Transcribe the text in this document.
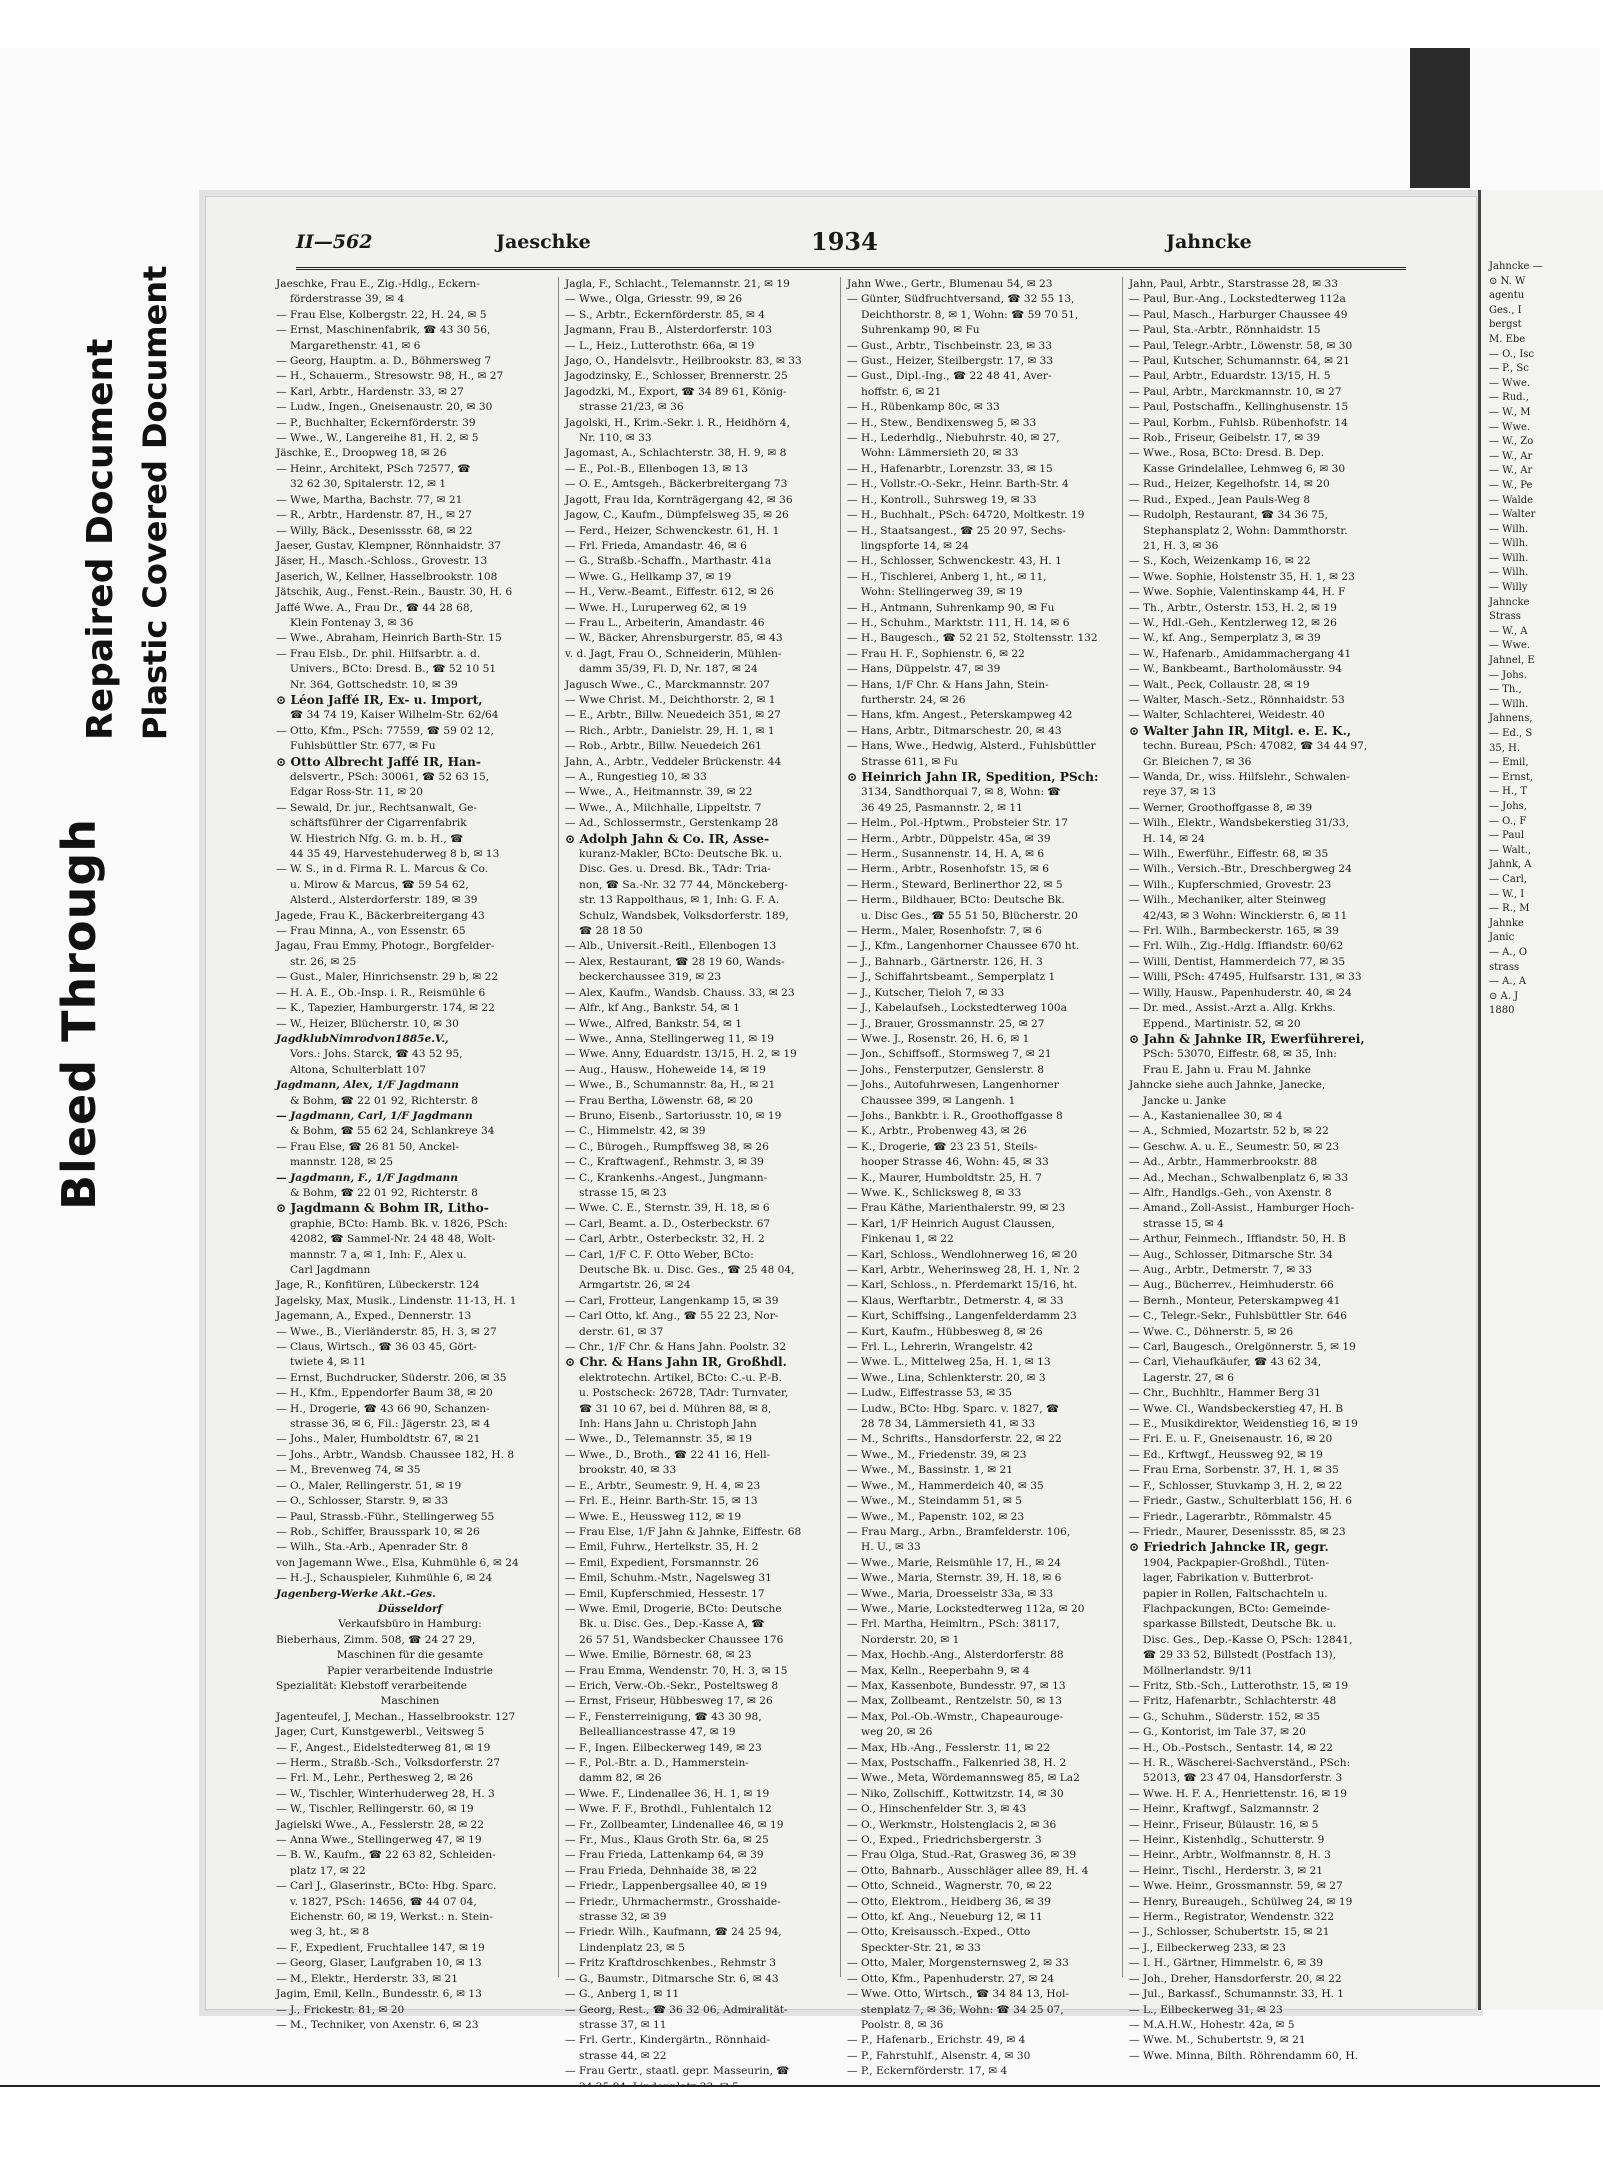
Bleed Through
Repaired Document Plastic Covered Document
II—562	Jaeschke	1934	Jahncke
Jaeschke, Frau E., Zig.-Hdlg., Eckern-
förderstrasse 39, ✉ 4
— Frau Else, Kolbergstr. 22, H. 24, ✉ 5
— Ernst, Maschinenfabrik, ☎ 43 30 56,
Margarethenstr. 41, ✉ 6
— Georg, Hauptm. a. D., Böhmersweg 7
— H., Schauerm., Stresowstr. 98, H., ✉ 27
— Karl, Arbtr., Hardenstr. 33, ✉ 27
— Ludw., Ingen., Gneisenaustr. 20, ✉ 30
— P., Buchhalter, Eckernförderstr. 39
— Wwe., W., Langereihe 81, H. 2, ✉ 5
Jäschke, E., Droopweg 18, ✉ 26
— Heinr., Architekt, PSch 72577, ☎
32 62 30, Spitalerstr. 12, ✉ 1
— Wwe, Martha, Bachstr. 77, ✉ 21
— R., Arbtr., Hardenstr. 87, H., ✉ 27
— Willy, Bäck., Desenissstr. 68, ✉ 22
Jaeser, Gustav, Klempner, Rönnhaidstr. 37
Jäser, H., Masch.-Schloss., Grovestr. 13
Jaserich, W., Kellner, Hasselbrookstr. 108
Jätschik, Aug., Fenst.-Rein., Baustr. 30, H. 6
Jaffé Wwe. A., Frau Dr., ☎ 44 28 68,
Klein Fontenay 3, ✉ 36
— Wwe., Abraham, Heinrich Barth-Str. 15
— Frau Elsb., Dr. phil. Hilfsarbtr. a. d.
Univers., BCto: Dresd. B., ☎ 52 10 51
Nr. 364, Gottschedstr. 10, ✉ 39
⊙ Léon Jaffé IR, Ex- u. Import,
☎ 34 74 19, Kaiser Wilhelm-Str. 62/64
— Otto, Kfm., PSch: 77559, ☎ 59 02 12,
Fuhlsbüttler Str. 677, ✉ Fu
⊙ Otto Albrecht Jaffé IR, Han-
delsvertr., PSch: 30061, ☎ 52 63 15,
Edgar Ross-Str. 11, ✉ 20
— Sewald, Dr. jur., Rechtsanwalt, Ge-
schäftsführer der Cigarrenfabrik
W. Hiestrich Nfg. G. m. b. H., ☎
44 35 49, Harvestehuderweg 8 b, ✉ 13
— W. S., in d. Firma R. L. Marcus & Co.
u. Mirow & Marcus, ☎ 59 54 62,
Alsterd., Alsterdorferstr. 189, ✉ 39
Jagede, Frau K., Bäckerbreitergang 43
— Frau Minna, A., von Essenstr. 65
Jagau, Frau Emmy, Photogr., Borgfelder-
str. 26, ✉ 25
— Gust., Maler, Hinrichsenstr. 29 b, ✉ 22
— H. A. E., Ob.-Insp. i. R., Reismühle 6
— K., Tapezier, Hamburgerstr. 174, ✉ 22
— W., Heizer, Blücherstr. 10, ✉ 30
JagdklubNimrodvon1885e.V.,
Vors.: Johs. Starck, ☎ 43 52 95,
Altona, Schulterblatt 107
Jagdmann, Alex, 1/F Jagdmann
& Bohm, ☎ 22 01 92, Richterstr. 8
— Jagdmann, Carl, 1/F Jagdmann
& Bohm, ☎ 55 62 24, Schlankreye 34
— Frau Else, ☎ 26 81 50, Anckel-
mannstr. 128, ✉ 25
— Jagdmann, F., 1/F Jagdmann
& Bohm, ☎ 22 01 92, Richterstr. 8
⊙ Jagdmann & Bohm IR, Litho-
graphie, BCto: Hamb. Bk. v. 1826, PSch:
42082, ☎ Sammel-Nr. 24 48 48, Wolt-
mannstr. 7 a, ✉ 1, Inh: F., Alex u.
Carl Jagdmann
Jage, R., Konfitüren, Lübeckerstr. 124
Jagelsky, Max, Musik., Lindenstr. 11-13, H. 1
Jagemann, A., Exped., Dennerstr. 13
— Wwe., B., Vierländerstr. 85, H. 3, ✉ 27
— Claus, Wirtsch., ☎ 36 03 45, Gört-
twiete 4, ✉ 11
— Ernst, Buchdrucker, Süderstr. 206, ✉ 35
— H., Kfm., Eppendorfer Baum 38, ✉ 20
— H., Drogerie, ☎ 43 66 90, Schanzen-
strasse 36, ✉ 6, Fil.: Jägerstr. 23, ✉ 4
— Johs., Maler, Humboldtstr. 67, ✉ 21
— Johs., Arbtr., Wandsb. Chaussee 182, H. 8
— M., Brevenweg 74, ✉ 35
— O., Maler, Rellingerstr. 51, ✉ 19
— O., Schlosser, Starstr. 9, ✉ 33
— Paul, Strassb.-Führ., Stellingerweg 55
— Rob., Schiffer, Brausspark 10, ✉ 26
— Wilh., Sta.-Arb., Apenrader Str. 8
von Jagemann Wwe., Elsa, Kuhmühle 6, ✉ 24
— H.-J., Schauspieler, Kuhmühle 6, ✉ 24
Jagenberg-Werke Akt.-Ges.
Düsseldorf
Verkaufsbüro in Hamburg:
Bieberhaus, Zimm. 508, ☎ 24 27 29,
Maschinen für die gesamte
Papier verarbeitende Industrie
Spezialität: Klebstoff verarbeitende
Maschinen
Jagenteufel, J, Mechan., Hasselbrookstr. 127
Jager, Curt, Kunstgewerbl., Veitsweg 5
— F., Angest., Eidelstedterweg 81, ✉ 19
— Herm., Straßb.-Sch., Volksdorferstr. 27
— Frl. M., Lehr., Perthesweg 2, ✉ 26
— W., Tischler, Winterhuderweg 28, H. 3
— W., Tischler, Rellingerstr. 60, ✉ 19
Jagielski Wwe., A., Fesslerstr. 28, ✉ 22
— Anna Wwe., Stellingerweg 47, ✉ 19
— B. W., Kaufm., ☎ 22 63 82, Schleiden-
platz 17, ✉ 22
— Carl J., Glaserinstr., BCto: Hbg. Sparc.
v. 1827, PSch: 14656, ☎ 44 07 04,
Eichenstr. 60, ✉ 19, Werkst.: n. Stein-
weg 3, ht., ✉ 8
— F., Expedient, Fruchtallee 147, ✉ 19
— Georg, Glaser, Laufgraben 10, ✉ 13
— M., Elektr., Herderstr. 33, ✉ 21
Jagim, Emil, Kelln., Bundesstr. 6, ✉ 13
— J., Frickestr. 81, ✉ 20
— M., Techniker, von Axenstr. 6, ✉ 23
Jagla, F., Schlacht., Telemannstr. 21, ✉ 19
— Wwe., Olga, Griesstr. 99, ✉ 26
— S., Arbtr., Eckernförderstr. 85, ✉ 4
Jagmann, Frau B., Alsterdorferstr. 103
— L., Heiz., Lutterothstr. 66a, ✉ 19
Jago, O., Handelsvtr., Heilbrookstr. 83, ✉ 33
Jagodzinsky, E., Schlosser, Brennerstr. 25
Jagodzki, M., Export, ☎ 34 89 61, König-
strasse 21/23, ✉ 36
Jagolski, H., Krim.-Sekr. i. R., Heidhörn 4,
Nr. 110, ✉ 33
Jagomast, A., Schlachterstr. 38, H. 9, ✉ 8
— E., Pol.-B., Ellenbogen 13, ✉ 13
— O. E., Amtsgeh., Bäckerbreitergang 73
Jagott, Frau Ida, Kornträgergang 42, ✉ 36
Jagow, C., Kaufm., Dümpfelsweg 35, ✉ 26
— Ferd., Heizer, Schwenckestr. 61, H. 1
— Frl. Frieda, Amandastr. 46, ✉ 6
— G., Straßb.-Schaffn., Marthastr. 41a
— Wwe. G., Hellkamp 37, ✉ 19
— H., Verw.-Beamt., Eiffestr. 612, ✉ 26
— Wwe. H., Luruperweg 62, ✉ 19
— Frau L., Arbeiterin, Amandastr. 46
— W., Bäcker, Ahrensburgerstr. 85, ✉ 43
v. d. Jagt, Frau O., Schneiderin, Mühlen-
damm 35/39, Fl. D, Nr. 187, ✉ 24
Jagusch Wwe., C., Marckmannstr. 207
— Wwe Christ. M., Deichthorstr. 2, ✉ 1
— E., Arbtr., Billw. Neuedeich 351, ✉ 27
— Rich., Arbtr., Danielstr. 29, H. 1, ✉ 1
— Rob., Arbtr., Billw. Neuedeich 261
Jahn, A., Arbtr., Veddeler Brückenstr. 44
— A., Rungestieg 10, ✉ 33
— Wwe., A., Heitmannstr. 39, ✉ 22
— Wwe., A., Milchhalle, Lippeltstr. 7
— Ad., Schlossermstr., Gerstenkamp 28
⊙ Adolph Jahn & Co. IR, Asse-
kuranz-Makler, BCto: Deutsche Bk. u.
Disc. Ges. u. Dresd. Bk., TAdr: Tria-
non, ☎ Sa.-Nr. 32 77 44, Mönckeberg-
str. 13 Rappolthaus, ✉ 1, Inh: G. F. A.
Schulz, Wandsbek, Volksdorferstr. 189,
☎ 28 18 50
— Alb., Universit.-Reitl., Ellenbogen 13
— Alex, Restaurant, ☎ 28 19 60, Wands-
beckerchaussee 319, ✉ 23
— Alex, Kaufm., Wandsb. Chauss. 33, ✉ 23
— Alfr., kf Ang., Bankstr. 54, ✉ 1
— Wwe., Alfred, Bankstr. 54, ✉ 1
— Wwe., Anna, Stellingerweg 11, ✉ 19
— Wwe. Anny, Eduardstr. 13/15, H. 2, ✉ 19
— Aug., Hausw., Hoheweide 14, ✉ 19
— Wwe., B., Schumannstr. 8a, H., ✉ 21
— Frau Bertha, Löwenstr. 68, ✉ 20
— Bruno, Eisenb., Sartoriusstr. 10, ✉ 19
— C., Himmelstr. 42, ✉ 39
— C., Bürogeh., Rumpffsweg 38, ✉ 26
— C., Kraftwagenf., Rehmstr. 3, ✉ 39
— C., Krankenhs.-Angest., Jungmann-
strasse 15, ✉ 23
— Wwe. C. E., Sternstr. 39, H. 18, ✉ 6
— Carl, Beamt. a. D., Osterbeckstr. 67
— Carl, Arbtr., Osterbeckstr. 32, H. 2
— Carl, 1/F C. F. Otto Weber, BCto:
Deutsche Bk. u. Disc. Ges., ☎ 25 48 04,
Armgartstr. 26, ✉ 24
— Carl, Frotteur, Langenkamp 15, ✉ 39
— Carl Otto, kf. Ang., ☎ 55 22 23, Nor-
derstr. 61, ✉ 37
— Chr., 1/F Chr. & Hans Jahn. Poolstr. 32
⊙ Chr. & Hans Jahn IR, Großhdl.
elektrotechn. Artikel, BCto: C.-u. P.-B.
u. Postscheck: 26728, TAdr: Turnvater,
☎ 31 10 67, bei d. Mühren 88, ✉ 8,
Inh: Hans Jahn u. Christoph Jahn
— Wwe., D., Telemannstr. 35, ✉ 19
— Wwe., D., Broth., ☎ 22 41 16, Hell-
brookstr. 40, ✉ 33
— E., Arbtr., Seumestr. 9, H. 4, ✉ 23
— Frl. E., Heinr. Barth-Str. 15, ✉ 13
— Wwe. E., Heussweg 112, ✉ 19
— Frau Else, 1/F Jahn & Jahnke, Eiffestr. 68
— Emil, Fuhrw., Hertelkstr. 35, H. 2
— Emil, Expedient, Forsmannstr. 26
— Emil, Schuhm.-Mstr., Nagelsweg 31
— Emil, Kupferschmied, Hessestr. 17
— Wwe. Emil, Drogerie, BCto: Deutsche
Bk. u. Disc. Ges., Dep.-Kasse A, ☎
26 57 51, Wandsbecker Chaussee 176
— Wwe. Emilie, Börnestr. 68, ✉ 23
— Frau Emma, Wendenstr. 70, H. 3, ✉ 15
— Erich, Verw.-Ob.-Sekr., Posteltsweg 8
— Ernst, Friseur, Hübbesweg 17, ✉ 26
— F., Fensterreinigung, ☎ 43 30 98,
Bellealliancestrasse 47, ✉ 19
— F., Ingen. Eilbeckerweg 149, ✉ 23
— F., Pol.-Btr. a. D., Hammerstein-
damm 82, ✉ 26
— Wwe. F., Lindenallee 36, H. 1, ✉ 19
— Wwe. F. F., Brothdl., Fuhlentalch 12
— Fr., Zollbeamter, Lindenallee 46, ✉ 19
— Fr., Mus., Klaus Groth Str. 6a, ✉ 25
— Frau Frieda, Lattenkamp 64, ✉ 39
— Frau Frieda, Dehnhaide 38, ✉ 22
— Friedr., Lappenbergsallee 40, ✉ 19
— Friedr., Uhrmachermstr., Grosshaide-
strasse 32, ✉ 39
— Friedr. Wilh., Kaufmann, ☎ 24 25 94,
Lindenplatz 23, ✉ 5
— Fritz Kraftdroschkenbes., Rehmstr 3
— G., Baumstr., Ditmarsche Str. 6, ✉ 43
— G., Anberg 1, ✉ 11
— Georg, Rest., ☎ 36 32 06, Admiralität-
strasse 37, ✉ 11
— Frl. Gertr., Kindergärtn., Rönnhaid-
strasse 44, ✉ 22
— Frau Gertr., staatl. gepr. Masseurin, ☎
Jahn Wwe., Gertr., Blumenau 54, ✉ 23
— Günter, Südfruchtversand, ☎ 32 55 13,
Deichthorstr. 8, ✉ 1, Wohn: ☎ 59 70 51,
Suhrenkamp 90, ✉ Fu
— Gust., Arbtr., Tischbeinstr. 23, ✉ 33
— Gust., Heizer, Steilbergstr. 17, ✉ 33
— Gust., Dipl.-Ing., ☎ 22 48 41, Aver-
hoffstr. 6, ✉ 21
— H., Rübenkamp 80c, ✉ 33
— H., Stew., Bendixensweg 5, ✉ 33
— H., Lederhdlg., Niebuhrstr. 40, ✉ 27,
Wohn: Lämmersieth 20, ✉ 33
— H., Hafenarbtr., Lorenzstr. 33, ✉ 15
— H., Vollstr.-O.-Sekr., Heinr. Barth-Str. 4
— H., Kontroll., Suhrsweg 19, ✉ 33
— H., Buchhalt., PSch: 64720, Moltkestr. 19
— H., Staatsangest., ☎ 25 20 97, Sechs-
lingspforte 14, ✉ 24
— H., Schlosser, Schwenckestr. 43, H. 1
— H., Tischlerei, Anberg 1, ht., ✉ 11,
Wohn: Stellingerweg 39, ✉ 19
— H., Antmann, Suhrenkamp 90, ✉ Fu
— H., Schuhm., Marktstr. 111, H. 14, ✉ 6
— H., Baugesch., ☎ 52 21 52, Stoltensstr. 132
— Frau H. F., Sophienstr. 6, ✉ 22
— Hans, Düppelstr. 47, ✉ 39
— Hans, 1/F Chr. & Hans Jahn, Stein-
furtherstr. 24, ✉ 26
— Hans, kfm. Angest., Peterskampweg 42
— Hans, Arbtr., Ditmarschestr. 20, ✉ 43
— Hans, Wwe., Hedwig, Alsterd., Fuhlsbüttler
Strasse 611, ✉ Fu
⊙ Heinrich Jahn IR, Spedition, PSch:
3134, Sandthorquai 7, ✉ 8, Wohn: ☎
36 49 25, Pasmannstr. 2, ✉ 11
— Helm., Pol.-Hptwm., Probsteier Str. 17
— Herm., Arbtr., Düppelstr. 45a, ✉ 39
— Herm., Susannenstr. 14, H. A, ✉ 6
— Herm., Arbtr., Rosenhofstr. 15, ✉ 6
— Herm., Steward, Berlinerthor 22, ✉ 5
— Herm., Bildhauer, BCto: Deutsche Bk.
u. Disc Ges., ☎ 55 51 50, Blücherstr. 20
— Herm., Maler, Rosenhofstr. 7, ✉ 6
— J., Kfm., Langenhorner Chaussee 670 ht.
— J., Bahnarb., Gärtnerstr. 126, H. 3
— J., Schiffahrtsbeamt., Semperplatz 1
— J., Kutscher, Tieloh 7, ✉ 33
— J., Kabelaufseh., Lockstedterweg 100a
— J., Brauer, Grossmannstr. 25, ✉ 27
— Wwe. J., Rosenstr. 26, H. 6, ✉ 1
— Jon., Schiffsoff., Stormsweg 7, ✉ 21
— Johs., Fensterputzer, Genslerstr. 8
— Johs., Autofuhrwesen, Langenhorner
Chaussee 399, ✉ Langenh. 1
— Johs., Bankbtr. i. R., Groothoffgasse 8
— K., Arbtr., Probenweg 43, ✉ 26
— K., Drogerie, ☎ 23 23 51, Steils-
hooper Strasse 46, Wohn: 45, ✉ 33
— K., Maurer, Humboldtstr. 25, H. 7
— Wwe. K., Schlicksweg 8, ✉ 33
— Frau Käthe, Marienthalerstr. 99, ✉ 23
— Karl, 1/F Heinrich August Claussen,
Finkenau 1, ✉ 22
— Karl, Schloss., Wendlohnerweg 16, ✉ 20
— Karl, Arbtr., Weherinsweg 28, H. 1, Nr. 2
— Karl, Schloss., n. Pferdemarkt 15/16, ht.
— Klaus, Werftarbtr., Detmerstr. 4, ✉ 33
— Kurt, Schiffsing., Langenfelderdamm 23
— Kurt, Kaufm., Hübbesweg 8, ✉ 26
— Frl. L., Lehrerin, Wrangelstr. 42
— Wwe. L., Mittelweg 25a, H. 1, ✉ 13
— Wwe., Lina, Schlenkterstr. 20, ✉ 3
— Ludw., Eiffestrasse 53, ✉ 35
— Ludw., BCto: Hbg. Sparc. v. 1827, ☎
28 78 34, Lämmersieth 41, ✉ 33
— M., Schrifts., Hansdorferstr. 22, ✉ 22
— Wwe., M., Friedenstr. 39, ✉ 23
— Wwe., M., Bassinstr. 1, ✉ 21
— Wwe., M., Hammerdeich 40, ✉ 35
— Wwe., M., Steindamm 51, ✉ 5
— Wwe., M., Papenstr. 102, ✉ 23
— Frau Marg., Arbn., Bramfelderstr. 106,
H. U., ✉ 33
— Wwe., Marie, Reismühle 17, H., ✉ 24
— Wwe., Maria, Sternstr. 39, H. 18, ✉ 6
— Wwe., Maria, Droesselstr 33a, ✉ 33
— Wwe., Marie, Lockstedterweg 112a, ✉ 20
— Frl. Martha, Heimltrn., PSch: 38117,
Norderstr. 20, ✉ 1
— Max, Hochb.-Ang., Alsterdorferstr. 88
— Max, Kelln., Reeperbahn 9, ✉ 4
— Max, Kassenbote, Bundesstr. 97, ✉ 13
— Max, Zollbeamt., Rentzelstr. 50, ✉ 13
— Max, Pol.-Ob.-Wmstr., Chapeaurouge-
weg 20, ✉ 26
— Max, Hb.-Ang., Fesslerstr. 11, ✉ 22
— Max, Postschaffn., Falkenried 38, H. 2
— Wwe., Meta, Wördemannsweg 85, ✉ La2
— Niko, Zollschiff., Kottwitzstr. 14, ✉ 30
— O., Hinschenfelder Str. 3, ✉ 43
— O., Werkmstr., Holstenglacis 2, ✉ 36
— O., Exped., Friedrichsbergerstr. 3
— Frau Olga, Stud.-Rat, Grasweg 36, ✉ 39
— Otto, Bahnarb., Ausschläger allee 89, H. 4
— Otto, Schneid., Wagnerstr. 70, ✉ 22
— Otto, Elektrom., Heidberg 36, ✉ 39
— Otto, kf. Ang., Neueburg 12, ✉ 11
— Otto, Kreisaussch.-Exped., Otto
Speckter-Str. 21, ✉ 33
— Otto, Maler, Morgensternsweg 2, ✉ 33
— Otto, Kfm., Papenhuderstr. 27, ✉ 24
— Wwe. Otto, Wirtsch., ☎ 34 84 13, Hol-
stenplatz 7, ✉ 36, Wohn: ☎ 34 25 07,
Poolstr. 8, ✉ 36
— P., Hafenarb., Erichstr. 49, ✉ 4
— P., Fahrstuhlf., Alsenstr. 4, ✉ 30
— P., Eckernförderstr. 17, ✉ 4
Jahn, Paul, Arbtr., Starstrasse 28, ✉ 33
— Paul, Bur.-Ang., Lockstedterweg 112a
— Paul, Masch., Harburger Chaussee 49
— Paul, Sta.-Arbtr., Rönnhaidstr. 15
— Paul, Telegr.-Arbtr., Löwenstr. 58, ✉ 30
— Paul, Kutscher, Schumannstr. 64, ✉ 21
— Paul, Arbtr., Eduardstr. 13/15, H. 5
— Paul, Arbtr., Marckmannstr. 10, ✉ 27
— Paul, Postschaffn., Kellinghusenstr. 15
— Paul, Korbm., Fuhlsb. Rübenhofstr. 14
— Rob., Friseur, Geibelstr. 17, ✉ 39
— Wwe., Rosa, BCto: Dresd. B. Dep.
Kasse Grindelallee, Lehmweg 6, ✉ 30
— Rud., Heizer, Kegelhofstr. 14, ✉ 20
— Rud., Exped., Jean Pauls-Weg 8
— Rudolph, Restaurant, ☎ 34 36 75,
Stephansplatz 2, Wohn: Dammthorstr.
21, H. 3, ✉ 36
— S., Koch, Weizenkamp 16, ✉ 22
— Wwe. Sophie, Holstenstr 35, H. 1, ✉ 23
— Wwe. Sophie, Valentinskamp 44, H. F
— Th., Arbtr., Osterstr. 153, H. 2, ✉ 19
— W., Hdl.-Geh., Kentzlerweg 12, ✉ 26
— W., kf. Ang., Semperplatz 3, ✉ 39
— W., Hafenarb., Amidammachergang 41
— W., Bankbeamt., Bartholomäusstr. 94
— Walt., Peck, Collaustr. 28, ✉ 19
— Walter, Masch.-Setz., Rönnhaidstr. 53
— Walter, Schlachterei, Weidestr. 40
⊙ Walter Jahn IR, Mitgl. e. E. K.,
techn. Bureau, PSch: 47082, ☎ 34 44 97,
Gr. Bleichen 7, ✉ 36
— Wanda, Dr., wiss. Hilfslehr., Schwalen-
reye 37, ✉ 13
— Werner, Groothoffgasse 8, ✉ 39
— Wilh., Elektr., Wandsbekerstieg 31/33,
H. 14, ✉ 24
— Wilh., Ewerführ., Eiffestr. 68, ✉ 35
— Wilh., Versich.-Btr., Dreschbergweg 24
— Wilh., Kupferschmied, Grovestr. 23
— Wilh., Mechaniker, alter Steinweg
42/43, ✉ 3 Wohn: Winckierstr. 6, ✉ 11
— Frl. Wilh., Barmbeckerstr. 165, ✉ 39
— Frl. Wilh., Zig.-Hdlg. Iffiandstr. 60/62
— Willi, Dentist, Hammerdeich 77, ✉ 35
— Willi, PSch: 47495, Hulfsarstr. 131, ✉ 33
— Willy, Hausw., Papenhuderstr. 40, ✉ 24
— Dr. med., Assist.-Arzt a. Allg. Krkhs.
Eppend., Martinistr. 52, ✉ 20
⊙ Jahn & Jahnke IR, Ewerführerei,
PSch: 53070, Eiffestr. 68, ✉ 35, Inh:
Frau E. Jahn u. Frau M. Jahnke
Jahncke siehe auch Jahnke, Janecke,
Jancke u. Janke
— A., Kastanienallee 30, ✉ 4
— A., Schmied, Mozartstr. 52 b, ✉ 22
— Geschw. A. u. E., Seumestr. 50, ✉ 23
— Ad., Arbtr., Hammerbrookstr. 88
— Ad., Mechan., Schwalbenplatz 6, ✉ 33
— Alfr., Handlgs.-Geh., von Axenstr. 8
— Amand., Zoll-Assist., Hamburger Hoch-
strasse 15, ✉ 4
— Arthur, Feinmech., Iffiandstr. 50, H. B
— Aug., Schlosser, Ditmarsche Str. 34
— Aug., Arbtr., Detmerstr. 7, ✉ 33
— Aug., Bücherrev., Heimhuderstr. 66
— Bernh., Monteur, Peterskampweg 41
— C., Telegr.-Sekr., Fuhlsbüttler Str. 646
— Wwe. C., Döhnerstr. 5, ✉ 26
— Carl, Baugesch., Orelgönnerstr. 5, ✉ 19
— Carl, Viehaufkäufer, ☎ 43 62 34,
Lagerstr. 27, ✉ 6
— Chr., Buchhltr., Hammer Berg 31
— Wwe. Cl., Wandsbeckerstieg 47, H. B
— E., Musikdirektor, Weidenstieg 16, ✉ 19
— Fri. E. u. F., Gneisenaustr. 16, ✉ 20
— Ed., Krftwgf., Heussweg 92, ✉ 19
— Frau Erna, Sorbenstr. 37, H. 1, ✉ 35
— F., Schlosser, Stuvkamp 3, H. 2, ✉ 22
— Friedr., Gastw., Schulterblatt 156, H. 6
— Friedr., Lagerarbtr., Römmalstr. 45
— Friedr., Maurer, Desenissstr. 85, ✉ 23
⊙ Friedrich Jahncke IR, gegr.
1904, Packpapier-Großhdl., Tüten-
lager, Fabrikation v. Butterbrot-
papier in Rollen, Faltschachteln u.
Flachpackungen, BCto: Gemeinde-
sparkasse Billstedt, Deutsche Bk. u.
Disc. Ges., Dep.-Kasse O, PSch: 12841,
☎ 29 33 52, Billstedt (Postfach 13),
Möllnerlandstr. 9/11
— Fritz, Stb.-Sch., Lutterothstr. 15, ✉ 19
— Fritz, Hafenarbtr., Schlachterstr. 48
— G., Schuhm., Süderstr. 152, ✉ 35
— G., Kontorist, im Tale 37, ✉ 20
— H., Ob.-Postsch., Sentastr. 14, ✉ 22
— H. R., Wäscherei-Sachverständ., PSch:
52013, ☎ 23 47 04, Hansdorferstr. 3
— Wwe. H. F. A., Henriettenstr. 16, ✉ 19
— Heinr., Kraftwgf., Salzmannstr. 2
— Heinr., Friseur, Bülaustr. 16, ✉ 5
— Heinr., Kistenhdlg., Schutterstr. 9
— Heinr., Arbtr., Wolfmannstr. 8, H. 3
— Heinr., Tischl., Herderstr. 3, ✉ 21
— Wwe. Heinr., Grossmannstr. 59, ✉ 27
— Henry, Bureaugeh., Schülweg 24, ✉ 19
— Herm., Registrator, Wendenstr. 322
— J., Schlosser, Schubertstr. 15, ✉ 21
— J., Eilbeckerweg 233, ✉ 23
— I. H., Gärtner, Himmelstr. 6, ✉ 39
— Joh., Dreher, Hansdorferstr. 20, ✉ 22
— Jul., Barkassf., Schumannstr. 33, H. 1
— L., Eilbeckerweg 31, ✉ 23
— M.A.H.W., Hohestr. 42a, ✉ 5
— Wwe. M., Schubertstr. 9, ✉ 21
— Wwe. Minna, Bilth. Röhrendamm 60, H.
Jahncke —
⊙ N. W
agentu
Ges., I
bergst
M. Ebe
— O., Isc
— P., Sc
— Wwe.
— Rud.,
— W., M
— Wwe.
— W., Zo
— W., Ar
— W., Ar
— W., Pe
— Walde
— Walter
— Wilh.
— Wilh.
— Wilh.
— Wilh.
— Willy
Jahncke
Strass
— W., A
— Wwe.
Jahnel, E
— Johs.
— Th.,
— Wilh.
Jahnens,
— Ed., S
35, H.
— Emil,
— Ernst,
— H., T
— Johs,
— O., F
— Paul
— Walt.,
Jahnk, A
— Carl,
— W., I
— R., M
Jahnke
Janic
— A., O
strass
— A., A
⊙ A. J
1880
